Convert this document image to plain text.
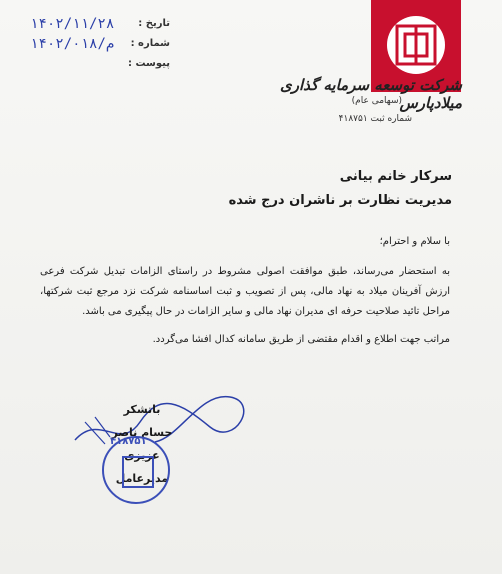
شرکت توسعه سرمایه گذاری میلادپارس
(سهامی عام)
شماره ثبت ۴۱۸۷۵۱
تاریخ :
شماره :
پیوست :
۱۴۰۲/۱۱/۲۸
۱۴۰۲/م/۰۱۸
سرکار خانم بیانی
مدیریت نظارت بر ناشران درج شده
با سلام و احترام؛
به استحضار می‌رساند، طبق موافقت اصولی مشروط در راستای الزامات تبدیل شرکت فرعی ارزش آفرینان میلاد به نهاد مالی، پس از تصویب و ثبت اساسنامه شرکت نزد مرجع ثبت شرکتها، مراحل تائید صلاحیت حرفه ای مدیران نهاد مالی و سایر الزامات در حال پیگیری می باشد.
مراتب جهت اطلاع و اقدام مقتضی از طریق سامانه کدال افشا می‌گردد.
باتشکر
حسام ناصر عزیزی
مدیرعامل
۴۱۸۷۵۱
